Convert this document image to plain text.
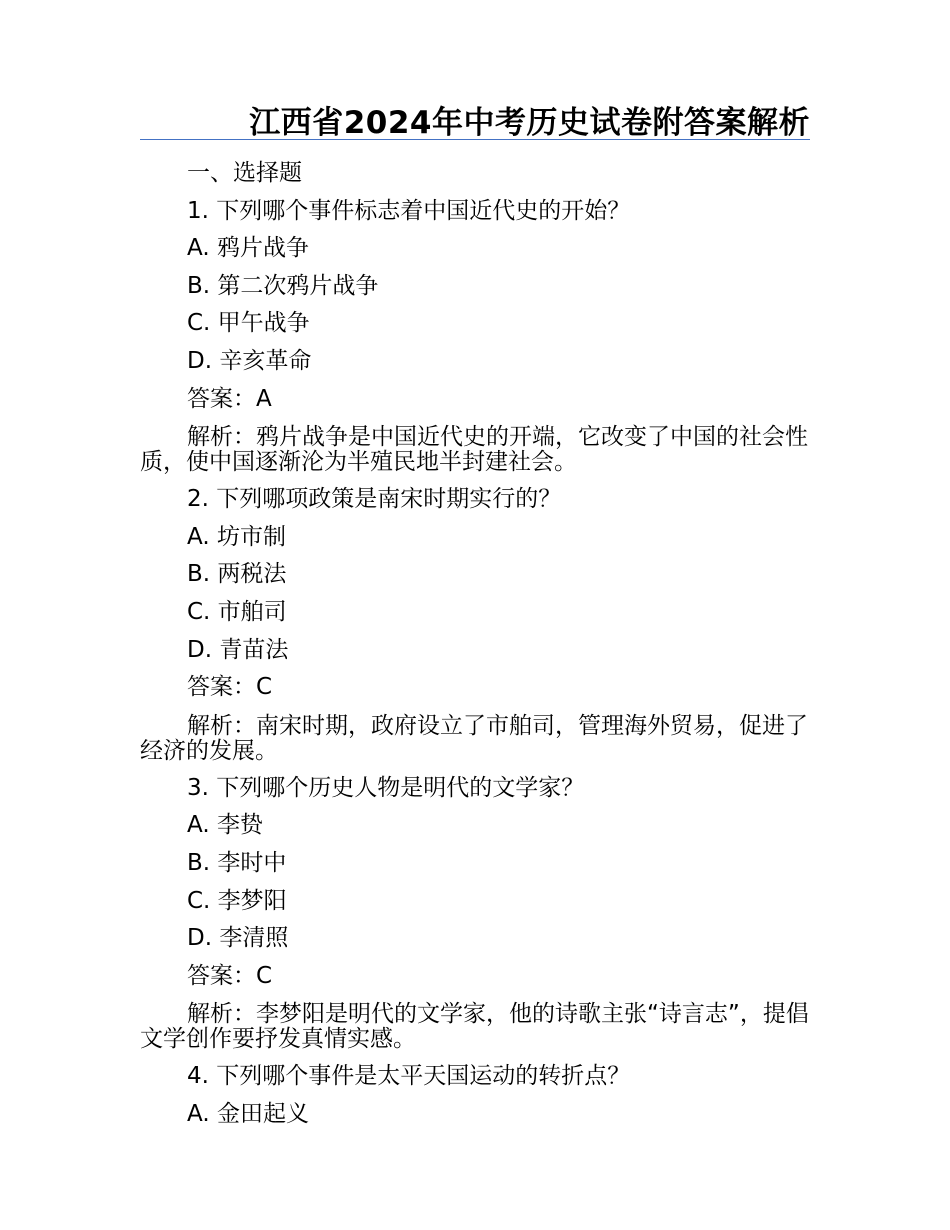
江西省2024年中考历史试卷附答案解析

一、选择题

1. 下列哪个事件标志着中国近代史的开始？

A. 鸦片战争

B. 第二次鸦片战争

C. 甲午战争

D. 辛亥革命

答案：A

解析：鸦片战争是中国近代史的开端，它改变了中国的社会性质，使中国逐渐沦为半殖民地半封建社会。

2. 下列哪项政策是南宋时期实行的？

A. 坊市制

B. 两税法

C. 市舶司

D. 青苗法

答案：C

解析：南宋时期，政府设立了市舶司，管理海外贸易，促进了经济的发展。

3. 下列哪个历史人物是明代的文学家？

A. 李贽

B. 李时中

C. 李梦阳

D. 李清照

答案：C

解析：李梦阳是明代的文学家，他的诗歌主张“诗言志”，提倡文学创作要抒发真情实感。

4. 下列哪个事件是太平天国运动的转折点？

A. 金田起义
